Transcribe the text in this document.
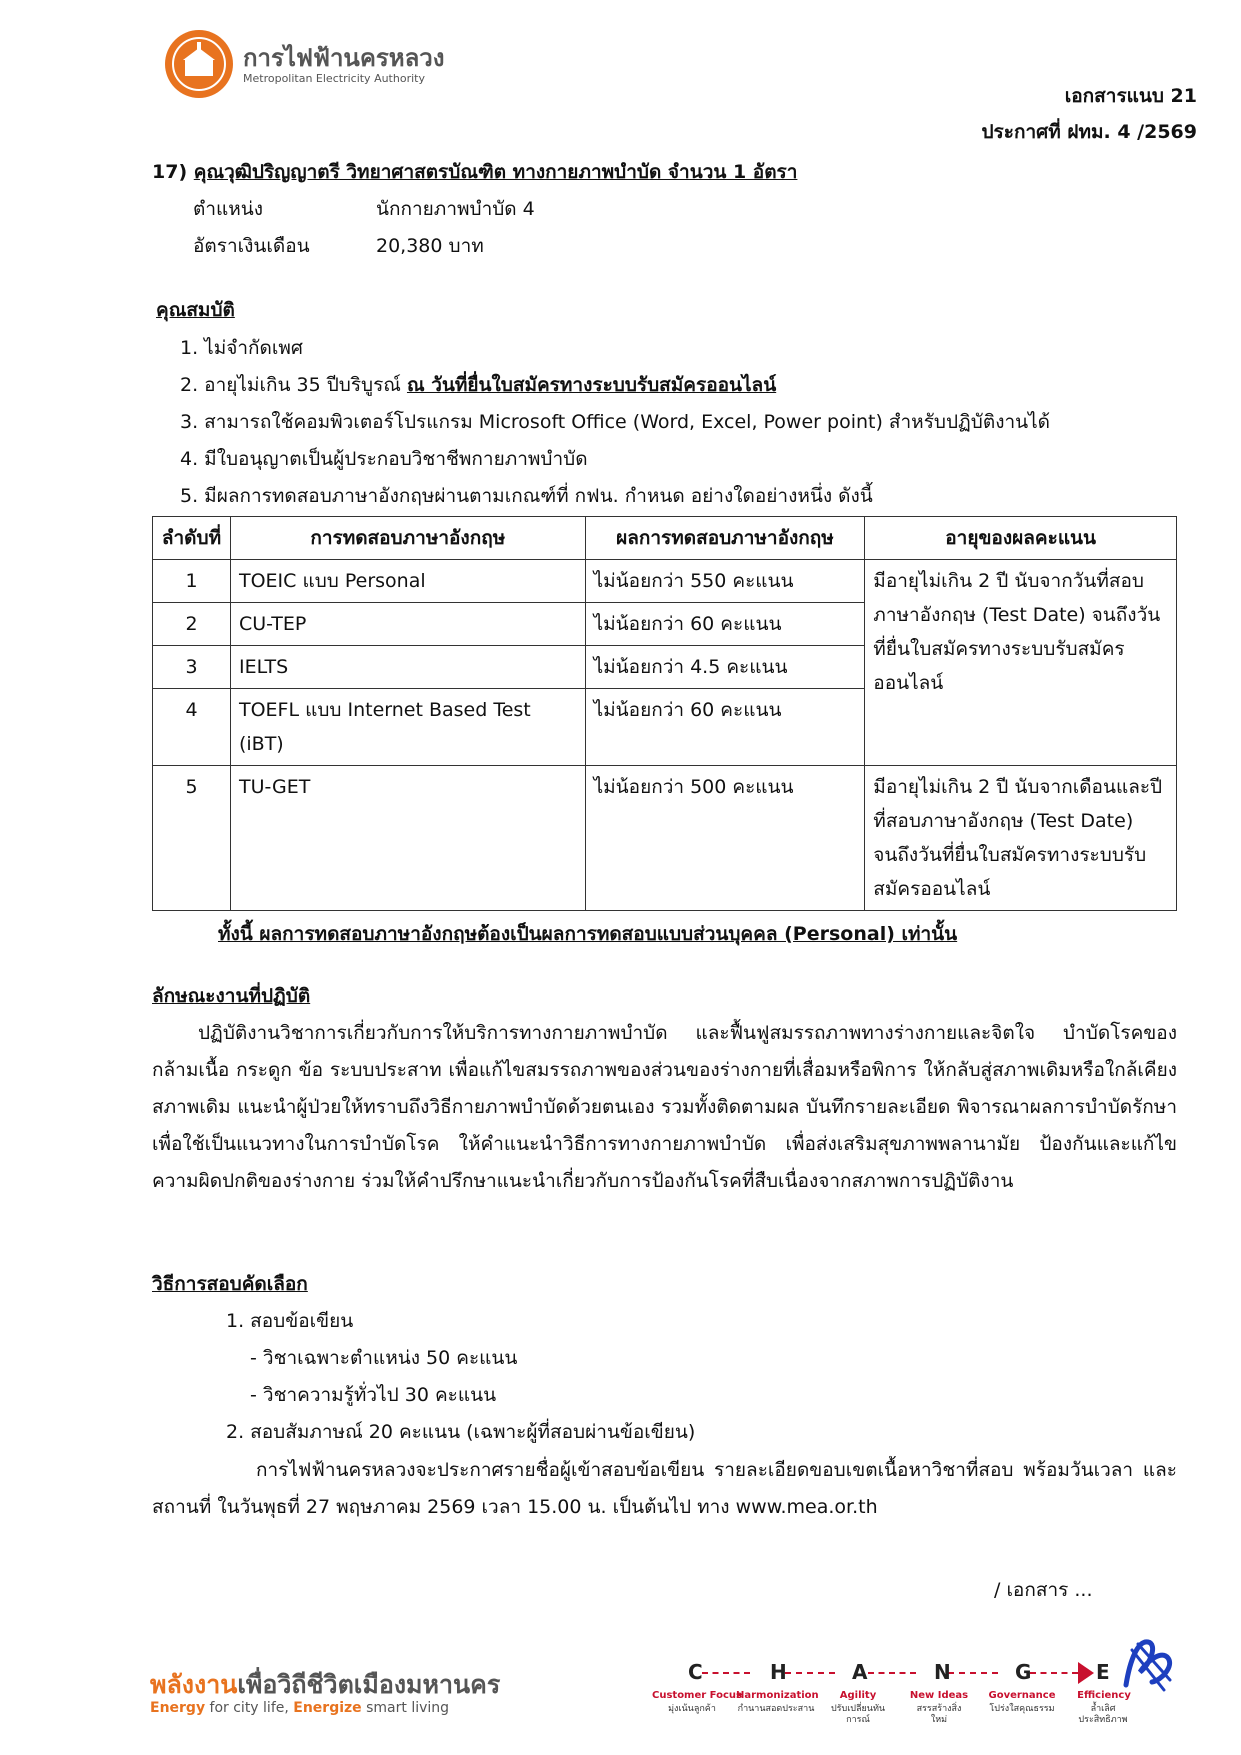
การไฟฟ้านครหลวง
Metropolitan Electricity Authority
เอกสารแนบ 21
ประกาศที่ ฝทม. 4 /2569
17) คุณวุฒิปริญญาตรี วิทยาศาสตรบัณฑิต ทางกายภาพบำบัด จำนวน 1 อัตรา
ตำแหน่ง	นักกายภาพบำบัด 4
อัตราเงินเดือน	20,380 บาท
คุณสมบัติ
1. ไม่จำกัดเพศ
2. อายุไม่เกิน 35 ปีบริบูรณ์ ณ วันที่ยื่นใบสมัครทางระบบรับสมัครออนไลน์
3. สามารถใช้คอมพิวเตอร์โปรแกรม Microsoft Office (Word, Excel, Power point) สำหรับปฏิบัติงานได้
4. มีใบอนุญาตเป็นผู้ประกอบวิชาชีพกายภาพบำบัด
5. มีผลการทดสอบภาษาอังกฤษผ่านตามเกณฑ์ที่ กฟน. กำหนด อย่างใดอย่างหนึ่ง ดังนี้
ลำดับที่	การทดสอบภาษาอังกฤษ	ผลการทดสอบภาษาอังกฤษ	อายุของผลคะแนน
1	TOEIC แบบ Personal	ไม่น้อยกว่า 550 คะแนน	มีอายุไม่เกิน 2 ปี นับจากวันที่สอบภาษาอังกฤษ (Test Date) จนถึงวันที่ยื่นใบสมัครทางระบบรับสมัครออนไลน์
2	CU-TEP	ไม่น้อยกว่า 60 คะแนน	
3	IELTS	ไม่น้อยกว่า 4.5 คะแนน	
4	TOEFL แบบ Internet Based Test (iBT)	ไม่น้อยกว่า 60 คะแนน	
5	TU-GET	ไม่น้อยกว่า 500 คะแนน	มีอายุไม่เกิน 2 ปี นับจากเดือนและปีที่สอบภาษาอังกฤษ (Test Date) จนถึงวันที่ยื่นใบสมัครทางระบบรับสมัครออนไลน์
ทั้งนี้ ผลการทดสอบภาษาอังกฤษต้องเป็นผลการทดสอบแบบส่วนบุคคล (Personal) เท่านั้น
ลักษณะงานที่ปฏิบัติ
ปฏิบัติงานวิชาการเกี่ยวกับการให้บริการทางกายภาพบำบัด และฟื้นฟูสมรรถภาพทางร่างกายและจิตใจ บำบัดโรคของกล้ามเนื้อ กระดูก ข้อ ระบบประสาท เพื่อแก้ไขสมรรถภาพของส่วนของร่างกายที่เสื่อมหรือพิการ ให้กลับสู่สภาพเดิมหรือใกล้เคียงสภาพเดิม แนะนำผู้ป่วยให้ทราบถึงวิธีกายภาพบำบัดด้วยตนเอง รวมทั้งติดตามผล บันทึกรายละเอียด พิจารณาผลการบำบัดรักษา เพื่อใช้เป็นแนวทางในการบำบัดโรค ให้คำแนะนำวิธีการทางกายภาพบำบัด เพื่อส่งเสริมสุขภาพพลานามัย ป้องกันและแก้ไขความผิดปกติของร่างกาย ร่วมให้คำปรึกษาแนะนำเกี่ยวกับการป้องกันโรคที่สืบเนื่องจากสภาพการปฏิบัติงาน
วิธีการสอบคัดเลือก
1. สอบข้อเขียน
- วิชาเฉพาะตำแหน่ง 50 คะแนน
- วิชาความรู้ทั่วไป 30 คะแนน
2. สอบสัมภาษณ์ 20 คะแนน (เฉพาะผู้ที่สอบผ่านข้อเขียน)
การไฟฟ้านครหลวงจะประกาศรายชื่อผู้เข้าสอบข้อเขียน รายละเอียดขอบเขตเนื้อหาวิชาที่สอบ พร้อมวันเวลา และสถานที่ ในวันพุธที่ 27 พฤษภาคม 2569 เวลา 15.00 น. เป็นต้นไป ทาง www.mea.or.th
/ เอกสาร ...
พลังงานเพื่อวิถีชีวิตเมืองมหานคร
Energy for city life, Energize smart living
C
Customer Focus
มุ่งเน้นลูกค้า
H
Harmonization
กำนานสอดประสาน
A
Agility
ปรับเปลี่ยนทันการณ์
N
New Ideas
สรรสร้างสิ่งใหม่
G
Governance
โปร่งใสคุณธรรม
E
Efficiency
ล้ำเลิศประสิทธิภาพ
